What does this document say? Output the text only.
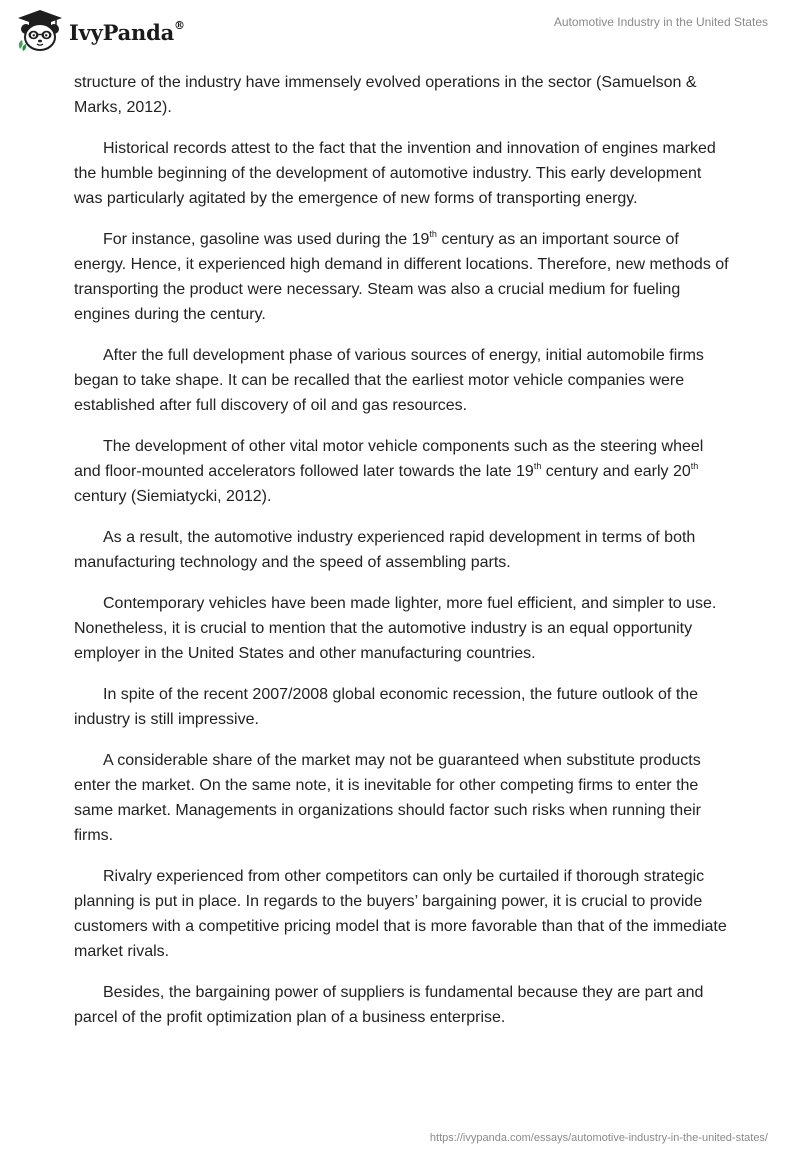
IvyPanda®	Automotive Industry in the United States

structure of the industry have immensely evolved operations in the sector (Samuelson & Marks, 2012).

Historical records attest to the fact that the invention and innovation of engines marked the humble beginning of the development of automotive industry. This early development was particularly agitated by the emergence of new forms of transporting energy.

For instance, gasoline was used during the 19th century as an important source of energy. Hence, it experienced high demand in different locations. Therefore, new methods of transporting the product were necessary. Steam was also a crucial medium for fueling engines during the century.

After the full development phase of various sources of energy, initial automobile firms began to take shape. It can be recalled that the earliest motor vehicle companies were established after full discovery of oil and gas resources.

The development of other vital motor vehicle components such as the steering wheel and floor-mounted accelerators followed later towards the late 19th century and early 20th century (Siemiatycki, 2012).

As a result, the automotive industry experienced rapid development in terms of both manufacturing technology and the speed of assembling parts.

Contemporary vehicles have been made lighter, more fuel efficient, and simpler to use. Nonetheless, it is crucial to mention that the automotive industry is an equal opportunity employer in the United States and other manufacturing countries.

In spite of the recent 2007/2008 global economic recession, the future outlook of the industry is still impressive.

A considerable share of the market may not be guaranteed when substitute products enter the market. On the same note, it is inevitable for other competing firms to enter the same market. Managements in organizations should factor such risks when running their firms.

Rivalry experienced from other competitors can only be curtailed if thorough strategic planning is put in place. In regards to the buyers’ bargaining power, it is crucial to provide customers with a competitive pricing model that is more favorable than that of the immediate market rivals.

Besides, the bargaining power of suppliers is fundamental because they are part and parcel of the profit optimization plan of a business enterprise.

https://ivypanda.com/essays/automotive-industry-in-the-united-states/
